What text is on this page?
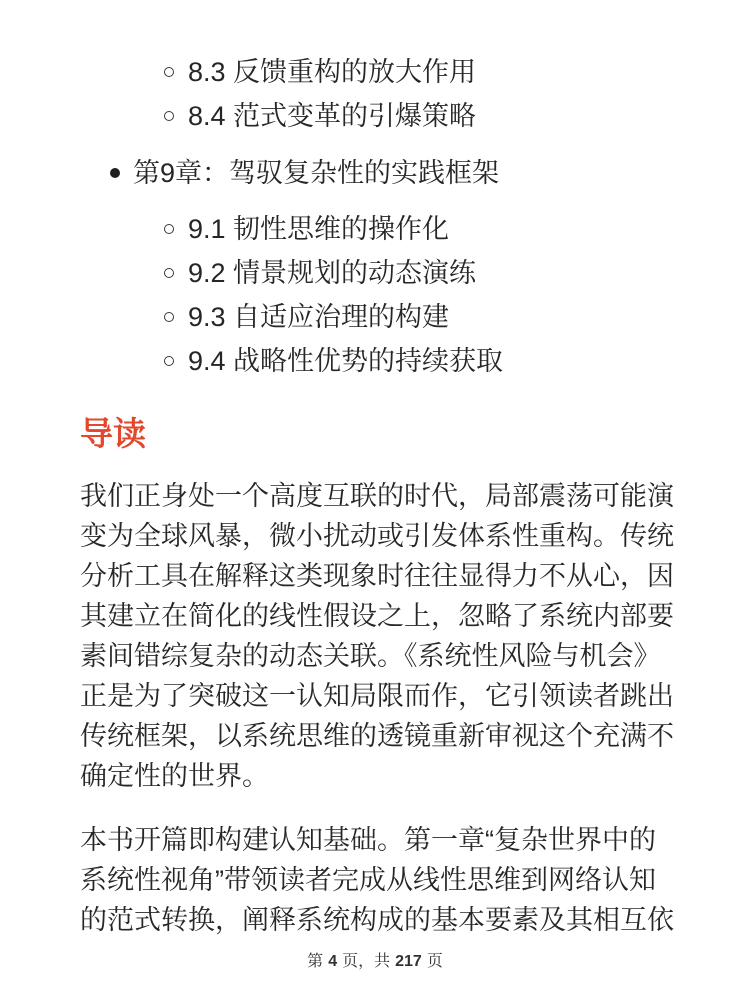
8.3 反馈重构的放大作用
8.4 范式变革的引爆策略
第9章：驾驭复杂性的实践框架
9.1 韧性思维的操作化
9.2 情景规划的动态演练
9.3 自适应治理的构建
9.4 战略性优势的持续获取
导读

我们正身处一个高度互联的时代，局部震荡可能演变为全球风暴，微小扰动或引发体系性重构。传统分析工具在解释这类现象时往往显得力不从心，因其建立在简化的线性假设之上，忽略了系统内部要素间错综复杂的动态关联。《系统性风险与机会》正是为了突破这一认知局限而作，它引领读者跳出传统框架，以系统思维的透镜重新审视这个充满不确定性的世界。

本书开篇即构建认知基础。第一章“复杂世界中的系统性视角”带领读者完成从线性思维到网络认知的范式转换，阐释系统构成的基本要素及其相互依

第 4 页，共 217 页
